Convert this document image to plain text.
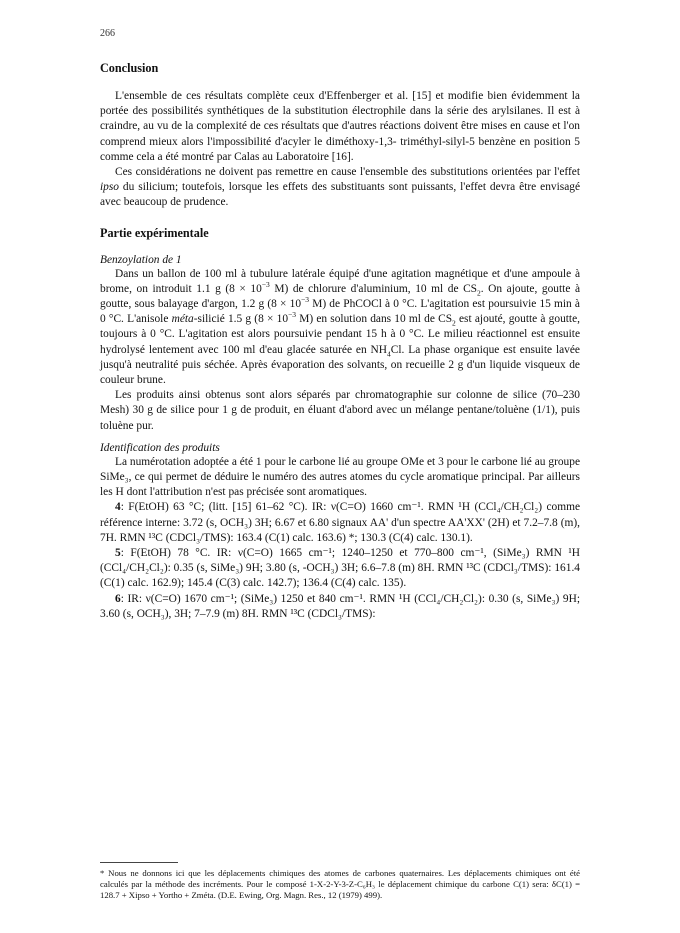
266
Conclusion

L'ensemble de ces résultats complète ceux d'Effenberger et al. [15] et modifie bien évidemment la portée des possibilités synthétiques de la substitution électrophile dans la série des arylsilanes. Il est à craindre, au vu de la complexité de ces résultats que d'autres réactions doivent être mises en cause et l'on comprend mieux alors l'impossibilité d'acyler le diméthoxy-1,3- triméthyl-silyl-5 benzène en position 5 comme cela a été montré par Calas au Laboratoire [16].

Ces considérations ne doivent pas remettre en cause l'ensemble des substitutions orientées par l'effet ipso du silicium; toutefois, lorsque les effets des substituants sont puissants, l'effet devra être envisagé avec beaucoup de prudence.

Partie expérimentale
Benzoylation de 1

Dans un ballon de 100 ml à tubulure latérale équipé d'une agitation magnétique et d'une ampoule à brome, on introduit 1.1 g ($8 \times 10^{-3}$ M) de chlorure d'aluminium, 10 ml de $CS_2$. On ajoute, goutte à goutte, sous balayage d'argon, 1.2 g ($8 \times 10^{-3}$ M) de PhCOCl à 0 °C. L'agitation est poursuivie 15 min à 0 °C. L'anisole méta-silicié 1.5 g ($8 \times 10^{-3}$ M) en solution dans 10 ml de $CS_2$ est ajouté, goutte à goutte, toujours à 0 °C. L'agitation est alors poursuivie pendant 15 h à 0 °C. Le milieu réactionnel est ensuite hydrolysé lentement avec 100 ml d'eau glacée saturée en $NH_4Cl$. La phase organique est ensuite lavée jusqu'à neutralité puis séchée. Après évaporation des solvants, on recueille 2 g d'un liquide visqueux de couleur brune.

Les produits ainsi obtenus sont alors séparés par chromatographie sur colonne de silice (70–230 Mesh) 30 g de silice pour 1 g de produit, en éluant d'abord avec un mélange pentane/toluène (1/1), puis toluène pur.

Identification des produits

La numérotation adoptée a été 1 pour le carbone lié au groupe OMe et 3 pour le carbone lié au groupe SiMe₃, ce qui permet de déduire le numéro des autres atomes du cycle aromatique principal. Par ailleurs les H dont l'attribution n'est pas précisée sont aromatiques.

4: F(EtOH) 63 °C; (litt. [15] 61–62 °C). IR: ν(C=O) 1660 cm⁻¹. RMN ¹H (CCl₄/CH₂Cl₂) comme référence interne: 3.72 (s, OCH₃) 3H; 6.67 et 6.80 signaux AA' d'un spectre AA'XX' (2H) et 7.2–7.8 (m), 7H. RMN ¹³C (CDCl₃/TMS): 163.4 (C(1) calc. 163.6) *; 130.3 (C(4) calc. 130.1).

5: F(EtOH) 78 °C. IR: ν(C=O) 1665 cm⁻¹; 1240–1250 et 770–800 cm⁻¹, (SiMe₃) RMN ¹H (CCl₄/CH₂Cl₂): 0.35 (s, SiMe₃) 9H; 3.80 (s, -OCH₃) 3H; 6.6–7.8 (m) 8H. RMN ¹³C (CDCl₃/TMS): 161.4 (C(1) calc. 162.9); 145.4 (C(3) calc. 142.7); 136.4 (C(4) calc. 135).

6: IR: ν(C=O) 1670 cm⁻¹; (SiMe₃) 1250 et 840 cm⁻¹. RMN ¹H (CCl₄/CH₂Cl₂): 0.30 (s, SiMe₃) 9H; 3.60 (s, OCH₃), 3H; 7–7.9 (m) 8H. RMN ¹³C (CDCl₃/TMS):

* Nous ne donnons ici que les déplacements chimiques des atomes de carbones quaternaires. Les déplacements chimiques ont été calculés par la méthode des incréments. Pour le composé 1-X-2-Y-3-Z-C₆H₃ le déplacement chimique du carbone C(1) sera: δC(1) = 128.7 + Xipso + Yortho + Zméta. (D.E. Ewing, Org. Magn. Res., 12 (1979) 499).
